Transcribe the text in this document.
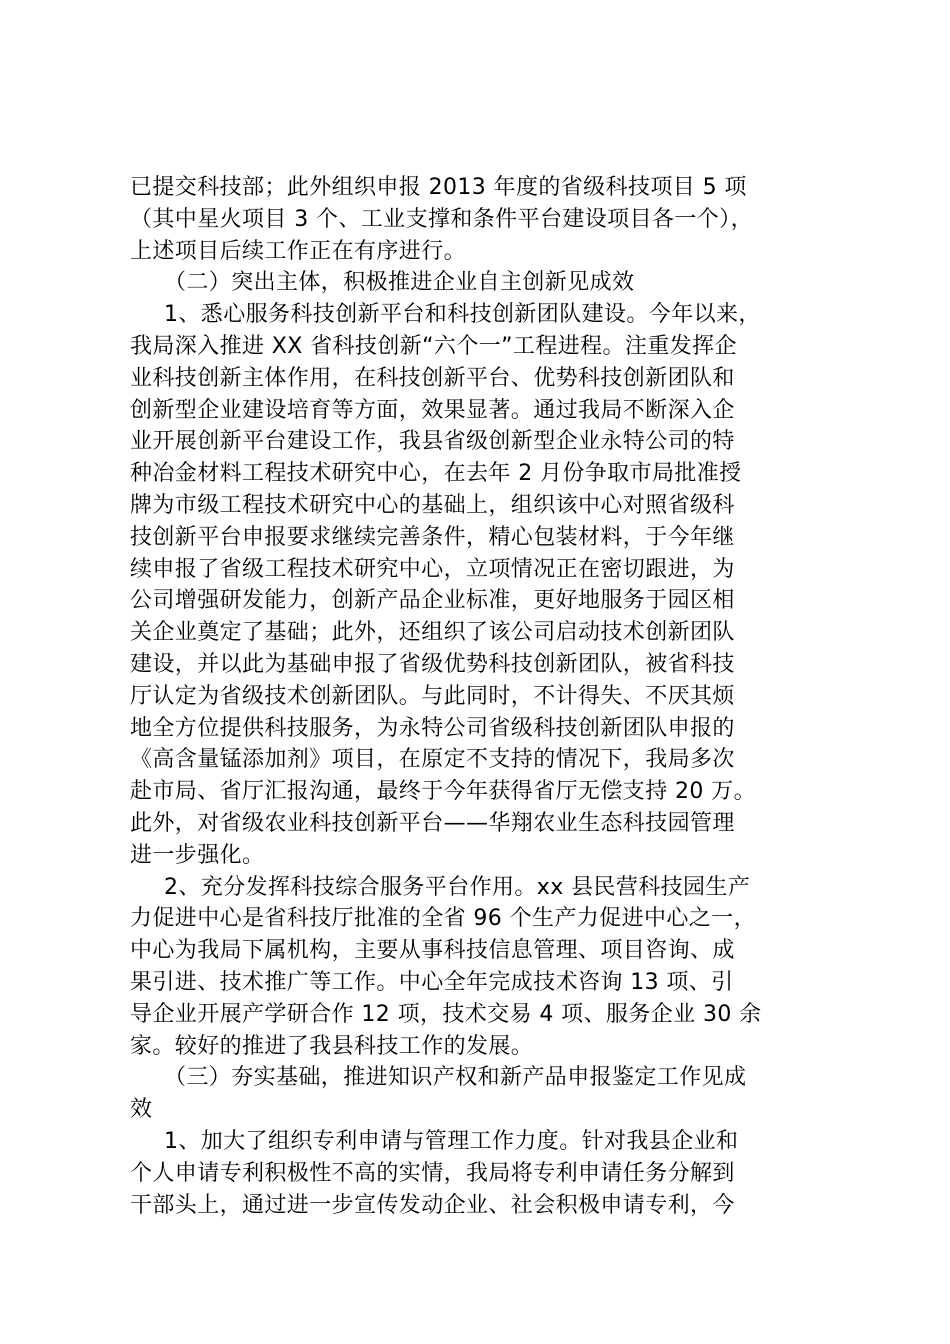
已提交科技部；此外组织申报 2013 年度的省级科技项目 5 项
（其中星火项目 3 个、工业支撑和条件平台建设项目各一个），
上述项目后续工作正在有序进行。
（二）突出主体，积极推进企业自主创新见成效
1、悉心服务科技创新平台和科技创新团队建设。今年以来，
我局深入推进 XX 省科技创新“六个一”工程进程。注重发挥企
业科技创新主体作用，在科技创新平台、优势科技创新团队和
创新型企业建设培育等方面，效果显著。通过我局不断深入企
业开展创新平台建设工作，我县省级创新型企业永特公司的特
种冶金材料工程技术研究中心，在去年 2 月份争取市局批准授
牌为市级工程技术研究中心的基础上，组织该中心对照省级科
技创新平台申报要求继续完善条件，精心包装材料，于今年继
续申报了省级工程技术研究中心，立项情况正在密切跟进，为
公司增强研发能力，创新产品企业标准，更好地服务于园区相
关企业奠定了基础；此外，还组织了该公司启动技术创新团队
建设，并以此为基础申报了省级优势科技创新团队，被省科技
厅认定为省级技术创新团队。与此同时，不计得失、不厌其烦
地全方位提供科技服务，为永特公司省级科技创新团队申报的
《高含量锰添加剂》项目，在原定不支持的情况下，我局多次
赴市局、省厅汇报沟通，最终于今年获得省厅无偿支持 20 万。
此外，对省级农业科技创新平台——华翔农业生态科技园管理
进一步强化。
2、充分发挥科技综合服务平台作用。xx 县民营科技园生产
力促进中心是省科技厅批准的全省 96 个生产力促进中心之一，
中心为我局下属机构，主要从事科技信息管理、项目咨询、成
果引进、技术推广等工作。中心全年完成技术咨询 13 项、引
导企业开展产学研合作 12 项，技术交易 4 项、服务企业 30 余
家。较好的推进了我县科技工作的发展。
（三）夯实基础，推进知识产权和新产品申报鉴定工作见成
效
1、加大了组织专利申请与管理工作力度。针对我县企业和
个人申请专利积极性不高的实情，我局将专利申请任务分解到
干部头上，通过进一步宣传发动企业、社会积极申请专利，今
